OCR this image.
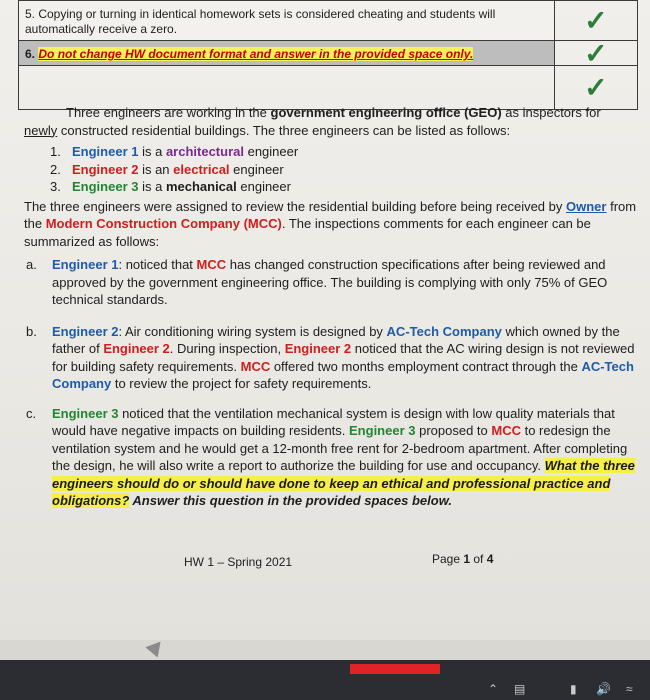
5. Copying or turning in identical homework sets is considered cheating and students will automatically receive a zero.	✓
6. Do not change HW document format and answer in the provided space only.	✓
	✓

Three engineers are working in the government engineering office (GEO) as inspectors for

newly constructed residential buildings. The three engineers can be listed as follows:

1. Engineer 1 is a architectural engineer
2. Engineer 2 is an electrical engineer
3. Engineer 3 is a mechanical engineer

The three engineers were assigned to review the residential building before being received by Owner from the Modern Construction Company (MCC). The inspections comments for each engineer can be summarized as follows:

a. Engineer 1: noticed that MCC has changed construction specifications after being reviewed and approved by the government engineering office. The building is complying with only 75% of GEO technical standards.
b. Engineer 2: Air conditioning wiring system is designed by AC-Tech Company which owned by the father of Engineer 2. During inspection, Engineer 2 noticed that the AC wiring design is not reviewed for building safety requirements. MCC offered two months employment contract through the AC-Tech Company to review the project for safety requirements.
c. Engineer 3 noticed that the ventilation mechanical system is design with low quality materials that would have negative impacts on building residents. Engineer 3 proposed to MCC to redesign the ventilation system and he would get a 12-month free rent for 2-bedroom apartment. After completing the design, he will also write a report to authorize the building for use and occupancy. What the three engineers should do or should have done to keep an ethical and professional practice and obligations? Answer this question in the provided spaces below.
HW 1 – Spring 2021	Page 1 of 4
⌃ ▤	▮ 🔊 ≈
